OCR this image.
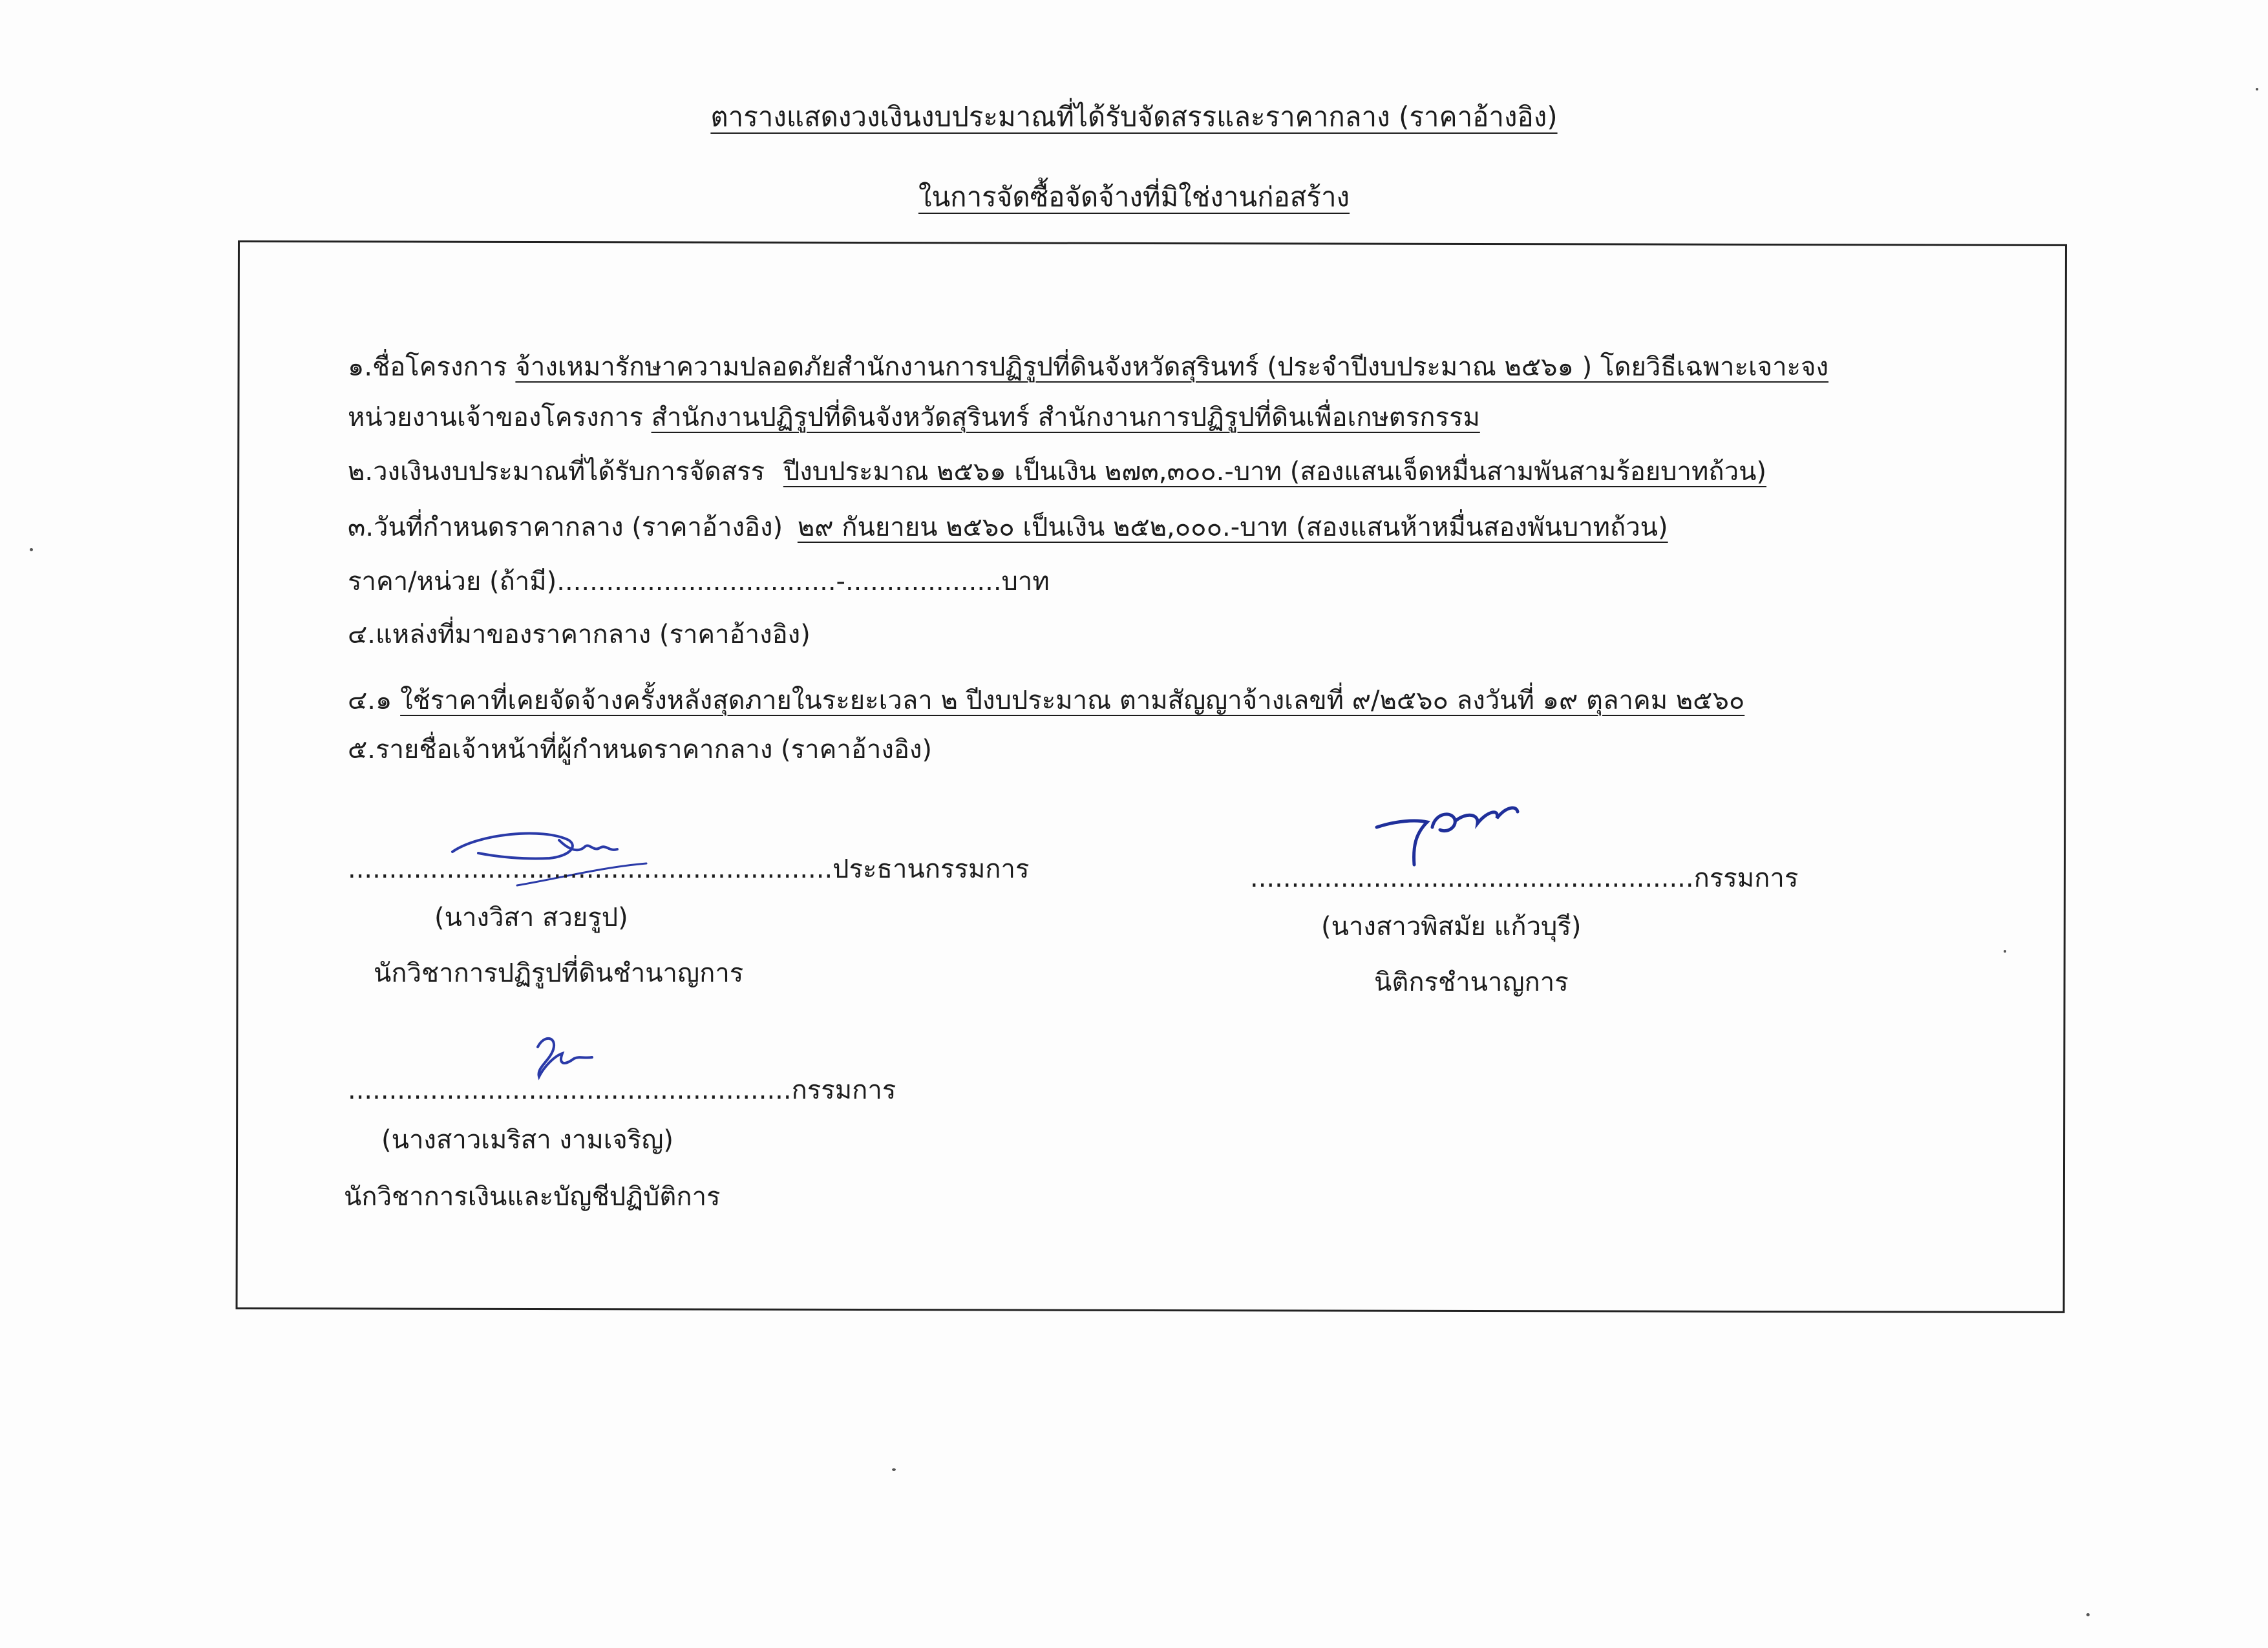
ตารางแสดงวงเงินงบประมาณที่ได้รับจัดสรรและราคากลาง (ราคาอ้างอิง)
ในการจัดซื้อจัดจ้างที่มิใช่งานก่อสร้าง
๑.ชื่อโครงการ จ้างเหมารักษาความปลอดภัยสำนักงานการปฏิรูปที่ดินจังหวัดสุรินทร์ (ประจำปีงบประมาณ ๒๕๖๑ ) โดยวิธีเฉพาะเจาะจง
หน่วยงานเจ้าของโครงการ สำนักงานปฏิรูปที่ดินจังหวัดสุรินทร์ สำนักงานการปฏิรูปที่ดินเพื่อเกษตรกรรม
๒.วงเงินงบประมาณที่ได้รับการจัดสรร ปีงบประมาณ ๒๕๖๑ เป็นเงิน ๒๗๓,๓๐๐.-บาท (สองแสนเจ็ดหมื่นสามพันสามร้อยบาทถ้วน)
๓.วันที่กำหนดราคากลาง (ราคาอ้างอิง) ๒๙ กันยายน ๒๕๖๐ เป็นเงิน ๒๕๒,๐๐๐.-บาท (สองแสนห้าหมื่นสองพันบาทถ้วน)
ราคา/หน่วย (ถ้ามี)..................................-...................บาท
๔.แหล่งที่มาของราคากลาง (ราคาอ้างอิง)
๔.๑ ใช้ราคาที่เคยจัดจ้างครั้งหลังสุดภายในระยะเวลา ๒ ปีงบประมาณ ตามสัญญาจ้างเลขที่ ๙/๒๕๖๐ ลงวันที่ ๑๙ ตุลาคม ๒๕๖๐
๕.รายชื่อเจ้าหน้าที่ผู้กำหนดราคากลาง (ราคาอ้างอิง)
...........................................................ประธานกรรมการ
(นางวิสา สวยรูป)
นักวิชาการปฏิรูปที่ดินชำนาญการ
......................................................กรรมการ
(นางสาวพิสมัย แก้วบุรี)
นิติกรชำนาญการ
......................................................กรรมการ
(นางสาวเมริสา งามเจริญ)
นักวิชาการเงินและบัญชีปฏิบัติการ
